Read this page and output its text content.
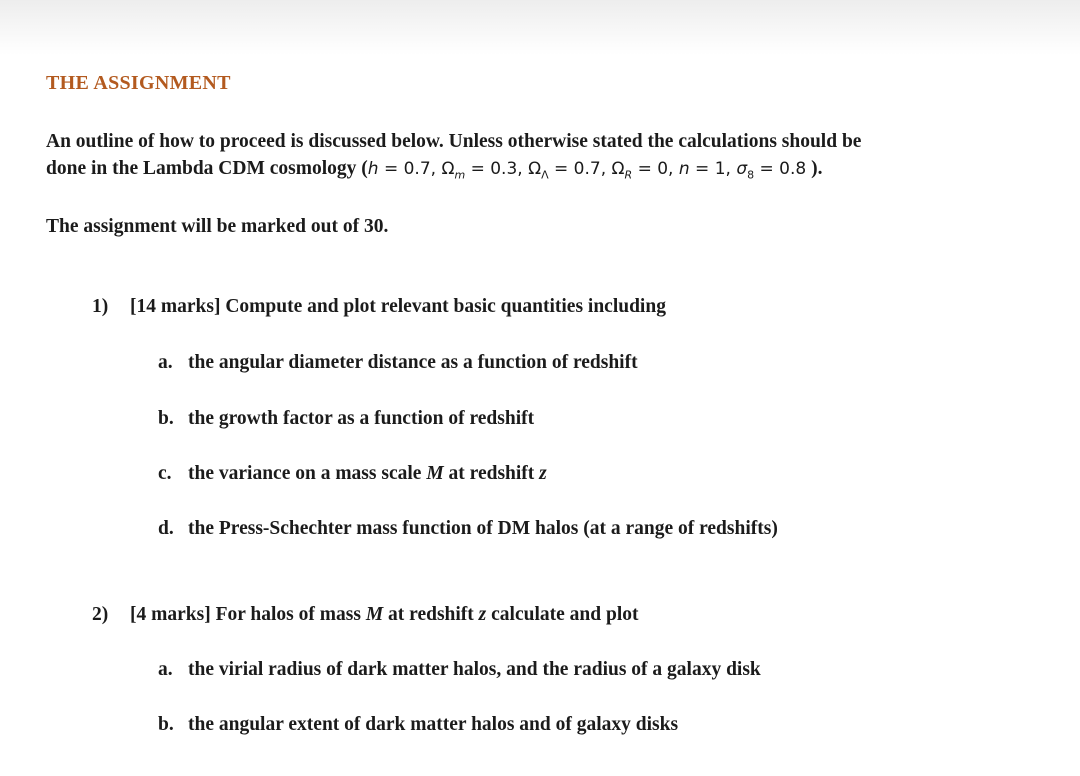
THE ASSIGNMENT
An outline of how to proceed is discussed below. Unless otherwise stated the calculations should be
done in the Lambda CDM cosmology (h = 0.7, $\Omega_m = 0.3$, $\Omega_\Lambda = 0.7$, $\Omega_R = 0$, n = 1, $\sigma_8 = 0.8$ ).
The assignment will be marked out of 30.
1) [14 marks] Compute and plot relevant basic quantities including
a. the angular diameter distance as a function of redshift
b. the growth factor as a function of redshift
c. the variance on a mass scale M at redshift z
d. the Press-Schechter mass function of DM halos (at a range of redshifts)
2) [4 marks] For halos of mass M at redshift z calculate and plot
a. the virial radius of dark matter halos, and the radius of a galaxy disk
b. the angular extent of dark matter halos and of galaxy disks
